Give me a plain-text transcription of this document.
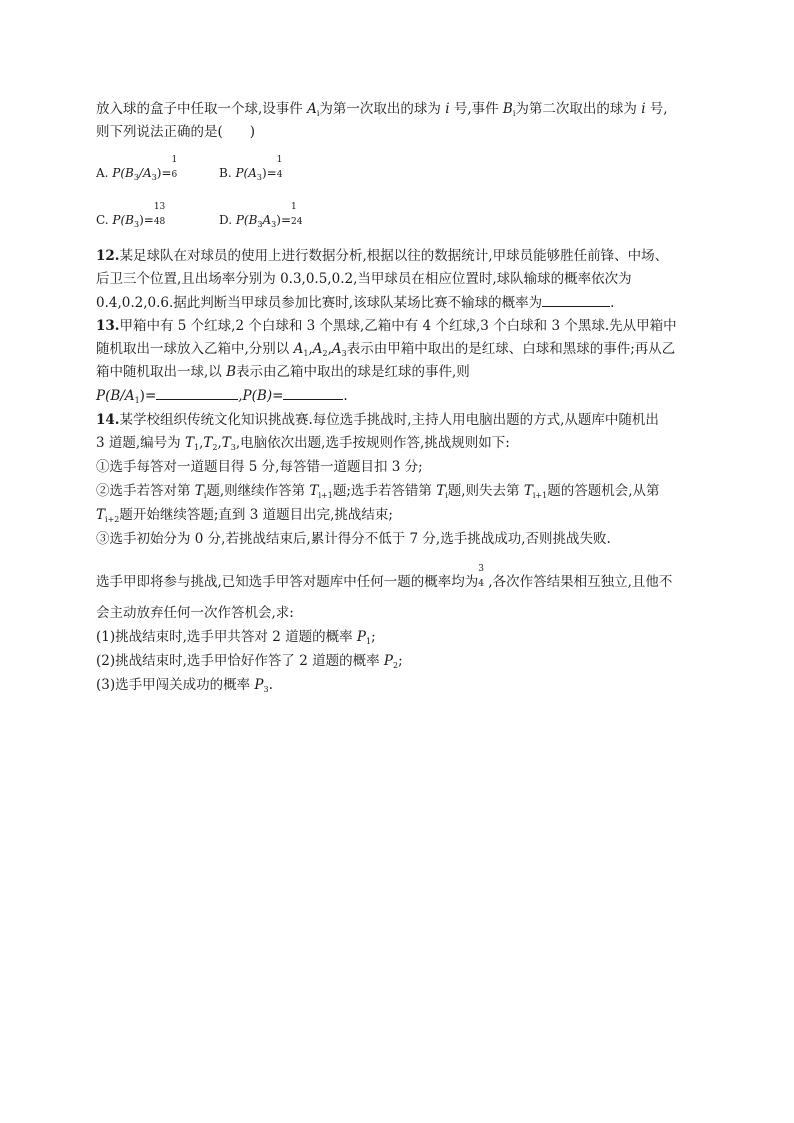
放入球的盒子中任取一个球,设事件 $A_i$为第一次取出的球为 i 号,事件 $B_i$为第二次取出的球为 i 号,
则下列说法正确的是(　　)
A. $P(B_3/A_3)=$
1
6	B. $P(A_3)=$
1
4
C. $P(B_3)=$
13
48	D. $P(B_3A_3)=$
1
24
12.某足球队在对球员的使用上进行数据分析,根据以往的数据统计,甲球员能够胜任前锋、中场、
后卫三个位置,且出场率分别为 0.3,0.5,0.2,当甲球员在相应位置时,球队输球的概率依次为
0.4,0.2,0.6.据此判断当甲球员参加比赛时,该球队某场比赛不输球的概率为	.
13.甲箱中有 5 个红球,2 个白球和 3 个黑球,乙箱中有 4 个红球,3 个白球和 3 个黑球.先从甲箱中
随机取出一球放入乙箱中,分别以 $A_1,A_2,A_3$表示由甲箱中取出的是红球、白球和黑球的事件;再从乙
箱中随机取出一球,以 B表示由乙箱中取出的球是红球的事件,则
$P(B/A_1)=$	,P(B)=	.
14.某学校组织传统文化知识挑战赛.每位选手挑战时,主持人用电脑出题的方式,从题库中随机出
3 道题,编号为 $T_1,T_2,T_3$,电脑依次出题,选手按规则作答,挑战规则如下:
①选手每答对一道题目得 5 分,每答错一道题目扣 3 分;
②选手若答对第 $T_i$题,则继续作答第 $T_{i+1}$题;选手若答错第 $T_i$题,则失去第 $T_{i+1}$题的答题机会,从第
$T_{i+2}$题开始继续答题;直到 3 道题目出完,挑战结束;
③选手初始分为 0 分,若挑战结束后,累计得分不低于 7 分,选手挑战成功,否则挑战失败.
选手甲即将参与挑战,已知选手甲答对题库中任何一题的概率均为
3
4 ,各次作答结果相互独立,且他不
会主动放弃任何一次作答机会,求:
(1)挑战结束时,选手甲共答对 2 道题的概率 $P_1$;
(2)挑战结束时,选手甲恰好作答了 2 道题的概率 $P_2$;
(3)选手甲闯关成功的概率 $P_3$.
